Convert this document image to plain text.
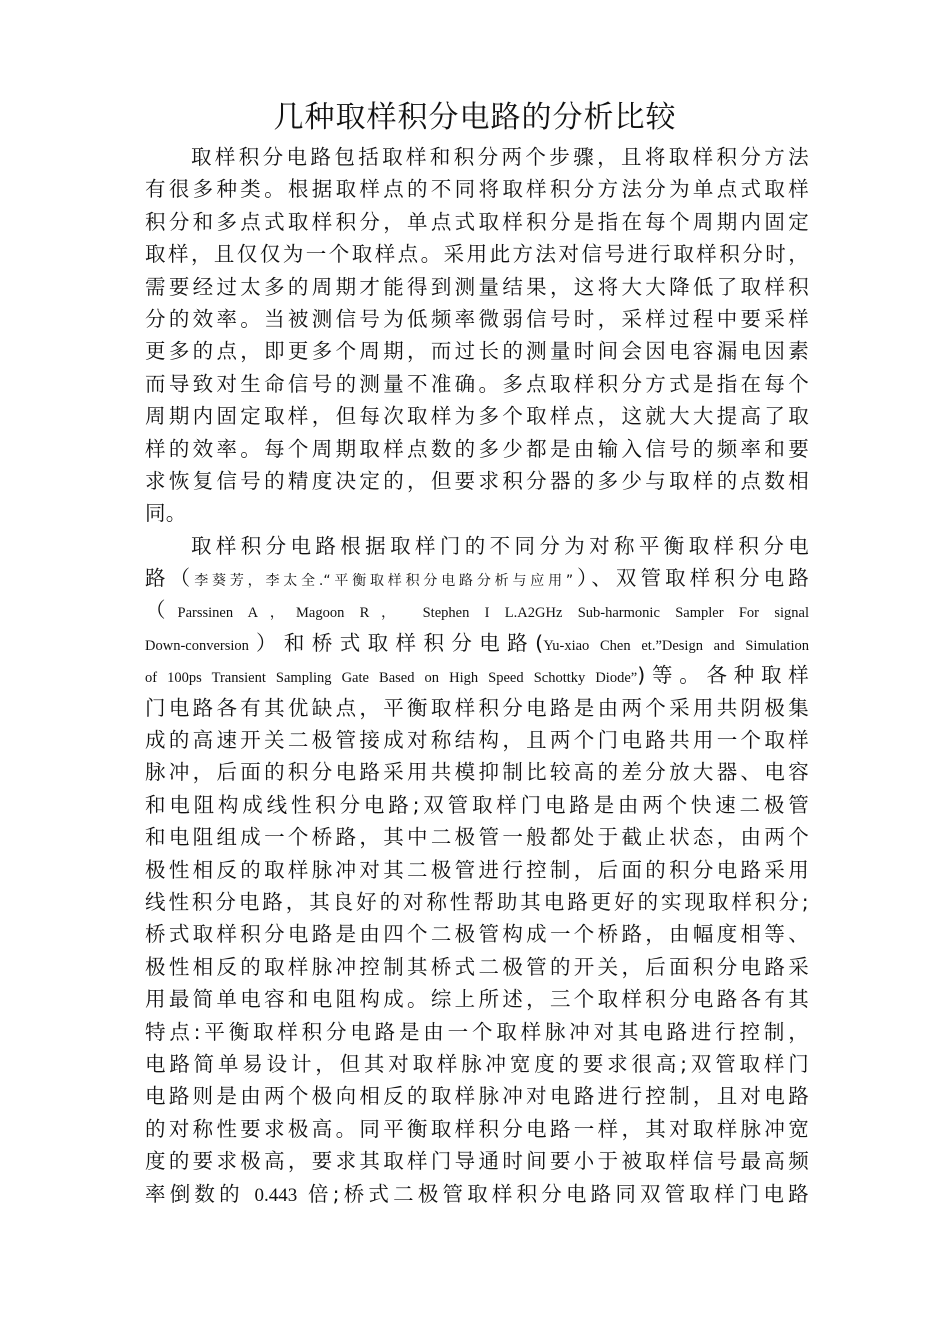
几种取样积分电路的分析比较
取样积分电路包括取样和积分两个步骤，且将取样积分方法
有很多种类。根据取样点的不同将取样积分方法分为单点式取样
积分和多点式取样积分，单点式取样积分是指在每个周期内固定
取样，且仅仅为一个取样点。采用此方法对信号进行取样积分时，
需要经过太多的周期才能得到测量结果，这将大大降低了取样积
分的效率。当被测信号为低频率微弱信号时，采样过程中要采样
更多的点，即更多个周期，而过长的测量时间会因电容漏电因素
而导致对生命信号的测量不准确。多点取样积分方式是指在每个
周期内固定取样，但每次取样为多个取样点，这就大大提高了取
样的效率。每个周期取样点数的多少都是由输入信号的频率和要
求恢复信号的精度决定的，但要求积分器的多少与取样的点数相
同。
取样积分电路根据取样门的不同分为对称平衡取样积分电
路（李葵芳，李太全.“平衡取样积分电路分析与应用”）、双管取样积分电路
（Parssinen A，Magoon R， Stephen I L.A2GHz Sub-harmonic Sampler For signal
Down-conversion）和桥式取样积分电路(Yu-xiao Chen et.”Design and Simulation
of 100ps Transient Sampling Gate Based on High Speed Schottky Diode”)等。各种取样
门电路各有其优缺点，平衡取样积分电路是由两个采用共阴极集
成的高速开关二极管接成对称结构，且两个门电路共用一个取样
脉冲，后面的积分电路采用共模抑制比较高的差分放大器、电容
和电阻构成线性积分电路;双管取样门电路是由两个快速二极管
和电阻组成一个桥路，其中二极管一般都处于截止状态，由两个
极性相反的取样脉冲对其二极管进行控制，后面的积分电路采用
线性积分电路，其良好的对称性帮助其电路更好的实现取样积分;
桥式取样积分电路是由四个二极管构成一个桥路，由幅度相等、
极性相反的取样脉冲控制其桥式二极管的开关，后面积分电路采
用最简单电容和电阻构成。综上所述，三个取样积分电路各有其
特点:平衡取样积分电路是由一个取样脉冲对其电路进行控制，
电路简单易设计，但其对取样脉冲宽度的要求很高;双管取样门
电路则是由两个极向相反的取样脉冲对电路进行控制，且对电路
的对称性要求极高。同平衡取样积分电路一样，其对取样脉冲宽
度的要求极高，要求其取样门导通时间要小于被取样信号最高频
率倒数的 0.443 倍;桥式二极管取样积分电路同双管取样门电路
